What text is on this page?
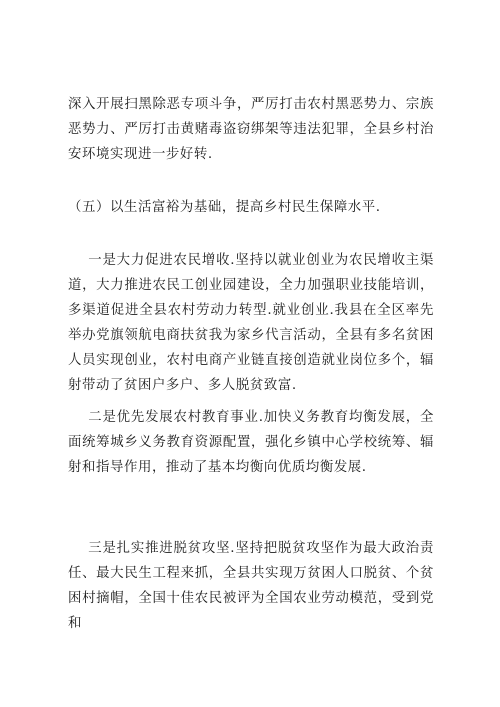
深入开展扫黑除恶专项斗争，严厉打击农村黑恶势力、宗族恶势力、严厉打击黄赌毒盗窃绑架等违法犯罪，全县乡村治安环境实现进一步好转.

（五）以生活富裕为基础，提高乡村民生保障水平.

一是大力促进农民增收.坚持以就业创业为农民增收主渠道，大力推进农民工创业园建设，全力加强职业技能培训，多渠道促进全县农村劳动力转型.就业创业.我县在全区率先举办党旗领航电商扶贫我为家乡代言活动，全县有多名贫困人员实现创业，农村电商产业链直接创造就业岗位多个，辐射带动了贫困户多户、多人脱贫致富.

二是优先发展农村教育事业.加快义务教育均衡发展，全面统筹城乡义务教育资源配置，强化乡镇中心学校统筹、辐射和指导作用，推动了基本均衡向优质均衡发展.

三是扎实推进脱贫攻坚.坚持把脱贫攻坚作为最大政治责任、最大民生工程来抓，全县共实现万贫困人口脱贫、个贫困村摘帽，全国十佳农民被评为全国农业劳动模范，受到党和
